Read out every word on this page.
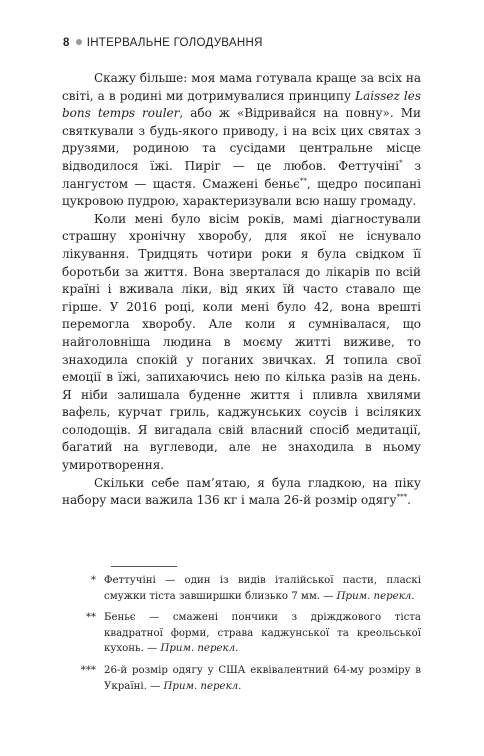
8 ІНТЕРВАЛЬНЕ ГОЛОДУВАННЯ

Скажу більше: моя мама готувала краще за всіх на світі, а в родині ми дотримувалися принципу Laissez les bons temps rouler, або ж «Відривайся на повну». Ми святкували з будь-якого приводу, і на всіх цих святах з друзями, родиною та сусідами центральне місце відводилося їжі. Пиріг — це любов. Феттучіні* з лангустом — щастя. Смажені беньє**, щедро посипані цукровою пудрою, характеризували всю нашу громаду.

Коли мені було вісім років, мамі діагностували страшну хронічну хворобу, для якої не існувало лікування. Тридцять чотири роки я була свідком її боротьби за життя. Вона зверталася до лікарів по всій країні і вживала ліки, від яких їй часто ставало ще гірше. У 2016 році, коли мені було 42, вона врешті перемогла хворобу. Але коли я сумнівалася, що найголовніша людина в моєму житті виживе, то знаходила спокій у поганих звичках. Я топила свої емоції в їжі, запихаючись нею по кілька разів на день. Я ніби залишала буденне життя і пливла хвилями вафель, курчат гриль, каджунських соусів і всіляких солодощів. Я вигадала свій власний спосіб медитації, багатий на вуглеводи, але не знаходила в ньому умиротворення.

Скільки себе пам’ятаю, я була гладкою, на піку набору маси важила 136 кг і мала 26-й розмір одягу***.

* Феттучіні — один із видів італійської пасти, пласкі смужки тіста завширшки близько 7 мм. — Прим. перекл.
** Беньє — смажені пончики з дріжджового тіста квадратної форми, страва каджунської та креольської кухонь. — Прим. перекл.
*** 26-й розмір одягу у США еквівалентний 64-му розміру в Україні. — Прим. перекл.
